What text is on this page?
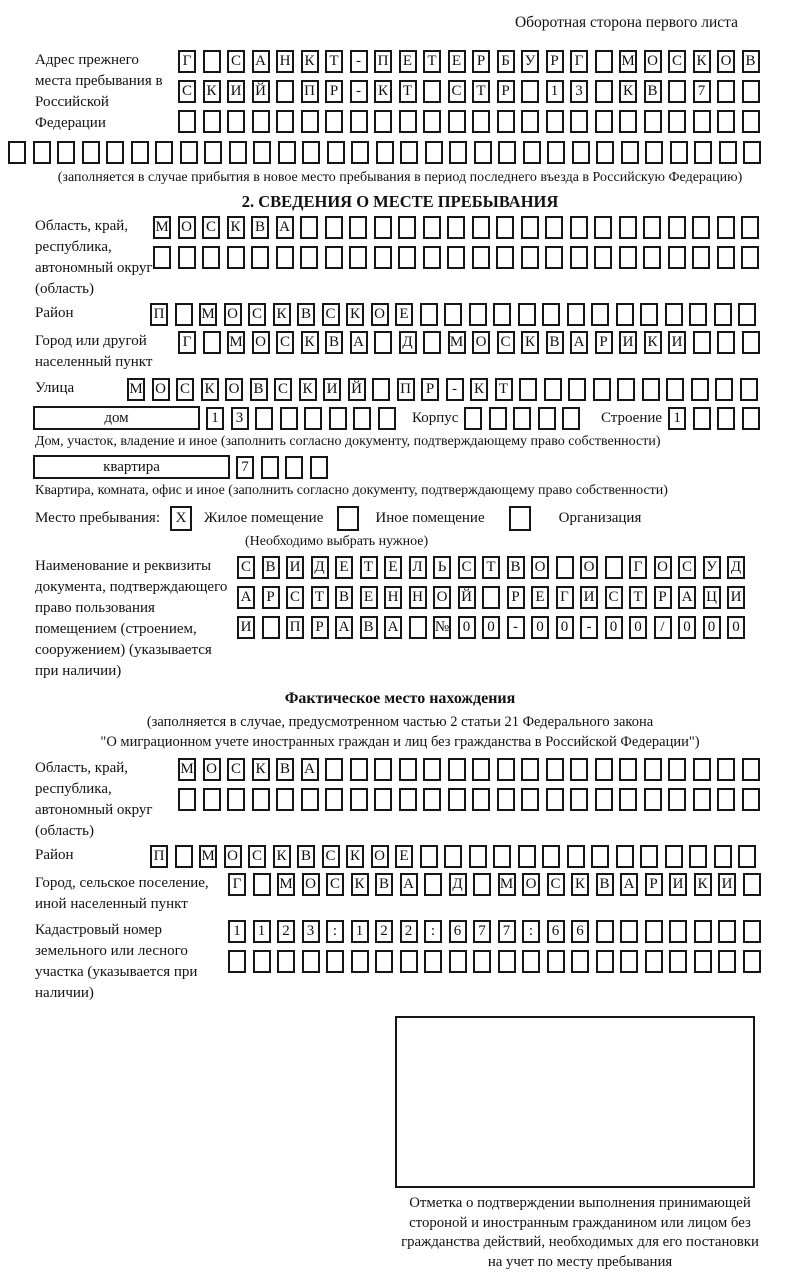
Оборотная сторона первого листа
Адрес прежнего места пребывания в Российской Федерации
Г	С А Н К Т	-	П Е Т Е	Р	Б У	Р	Г	М О С К О В
С К И Й	П Р	-	К Т	С Т	Р	1	3	К В	7
(заполняется в случае прибытия в новое место пребывания в период последнего въезда в Российскую Федерацию)
2. СВЕДЕНИЯ О МЕСТЕ ПРЕБЫВАНИЯ
Область, край, республика, автономный округ (область)
М О С К В А
Район	П М О С К В С К О Е
Город или другой населенный пункт
Г	М О С К В А	Д М О С К В А Р И К И
Улица	М О С К О В С К И Й	П Р	-	К Т
дом	1	3	Корпус	Строение 1
Дом, участок, владение и иное (заполнить согласно документу, подтверждающему право собственности)
квартира	7
Квартира, комната, офис и иное (заполнить согласно документу, подтверждающему право собственности)
Место пребывания:	X	Жилое помещение	Иное помещение	Организация
(Необходимо выбрать нужное)
Наименование и реквизиты документа, подтверждающего право пользования помещением (строением, сооружением) (указывается при наличии)
С В И Д Е Т Е Л	Ь	С Т В О	О	Г О С У Д
А Р	С Т В Е Н Н О Й	Р	Е	Г И С Т	Р А Ц И
И	П Р А В А № 0	0	-	0	0	-	0	0	/	0	0	0
Фактическое место нахождения
(заполняется в случае, предусмотренном частью 2 статьи 21 Федерального закона
"О миграционном учете иностранных граждан и лиц без гражданства в Российской Федерации")
Область, край, республика, автономный округ (область)
М О С К В А
Район	П М О С К В С К О Е
Город, сельское поселение, иной населенный пункт
Г	М О С К В А	Д М О С К В А Р И К И
Кадастровый номер земельного или лесного участка (указывается при наличии)
1	1	2	3	:	1	2	2	:	6	7	7	:	6	6
Отметка о подтверждении выполнения принимающей стороной и иностранным гражданином или лицом без гражданства действий, необходимых для его постановки на учет по месту пребывания
